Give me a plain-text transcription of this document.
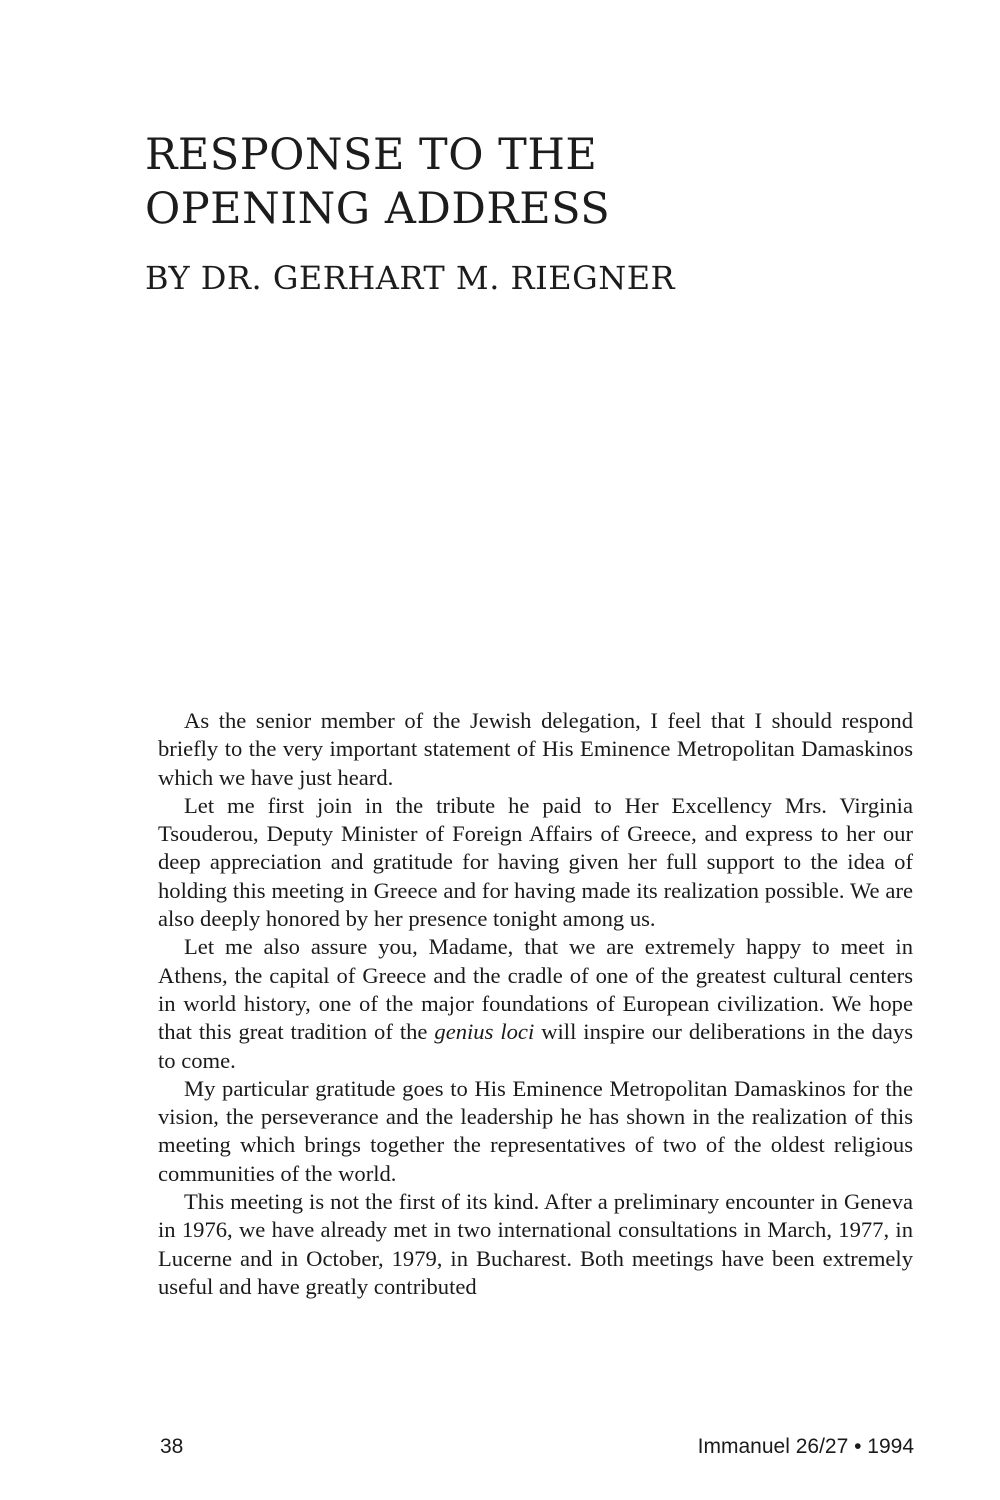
RESPONSE TO THE
OPENING ADDRESS
BY DR. GERHART M. RIEGNER

As the senior member of the Jewish delegation, I feel that I should respond briefly to the very important statement of His Eminence Metropolitan Damaskinos which we have just heard.

Let me first join in the tribute he paid to Her Excellency Mrs. Virginia Tsouderou, Deputy Minister of Foreign Affairs of Greece, and express to her our deep appreciation and gratitude for having given her full support to the idea of holding this meeting in Greece and for having made its realization possible. We are also deeply honored by her presence tonight among us.

Let me also assure you, Madame, that we are extremely happy to meet in Athens, the capital of Greece and the cradle of one of the greatest cultural centers in world history, one of the major foundations of European civilization. We hope that this great tradition of the genius loci will inspire our deliberations in the days to come.

My particular gratitude goes to His Eminence Metropolitan Damaskinos for the vision, the perseverance and the leadership he has shown in the realization of this meeting which brings together the representatives of two of the oldest religious communities of the world.

This meeting is not the first of its kind. After a preliminary encounter in Geneva in 1976, we have already met in two international consultations in March, 1977, in Lucerne and in October, 1979, in Bucharest. Both meetings have been extremely useful and have greatly contributed

38	Immanuel 26/27 • 1994
